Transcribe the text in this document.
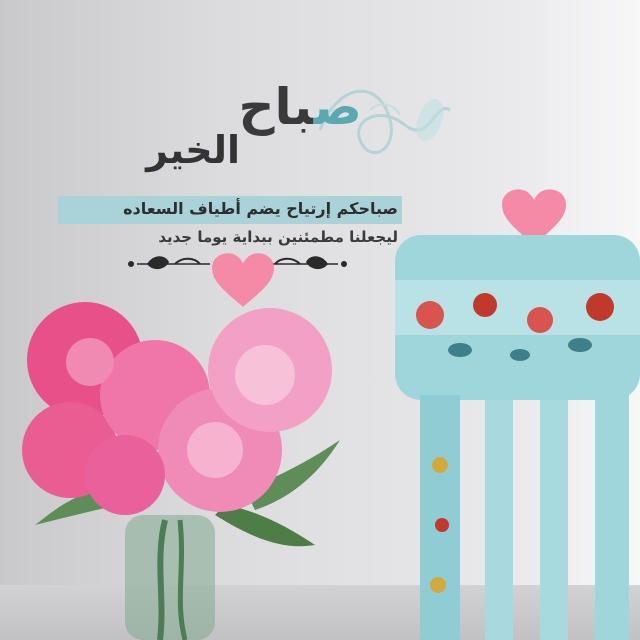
صباح

الخير

صباحكم إرتياح يضم أطياف السعاده

ليجعلنا مطمئنين ببداية يوما جديد
